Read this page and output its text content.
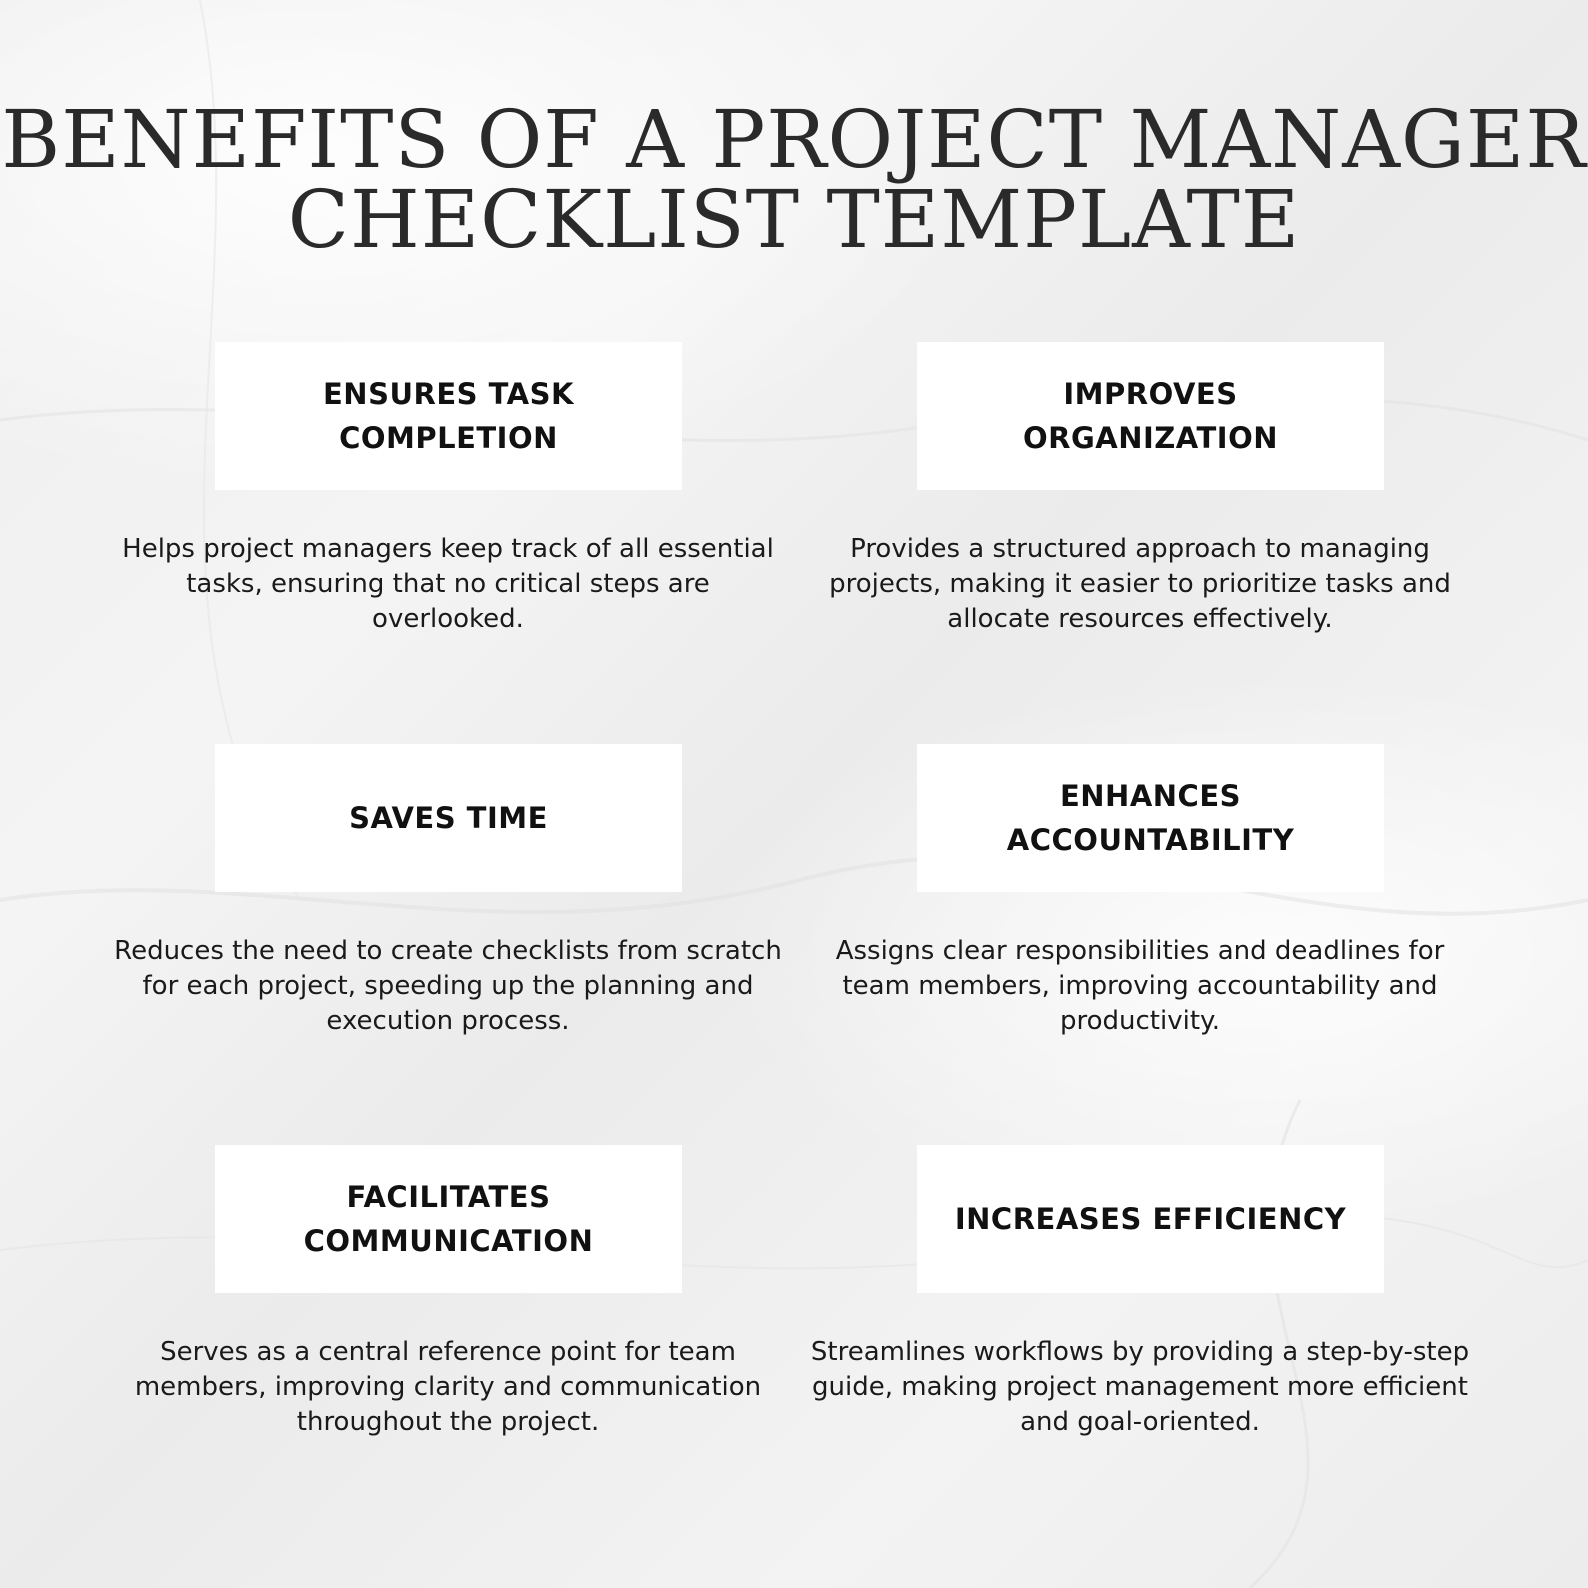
BENEFITS OF A PROJECT MANAGER
CHECKLIST TEMPLATE
ENSURES TASK
COMPLETION
Helps project managers keep track of all essential tasks, ensuring that no critical steps are overlooked.
IMPROVES
ORGANIZATION
Provides a structured approach to managing projects, making it easier to prioritize tasks and allocate resources effectively.
SAVES TIME
Reduces the need to create checklists from scratch for each project, speeding up the planning and execution process.
ENHANCES
ACCOUNTABILITY
Assigns clear responsibilities and deadlines for team members, improving accountability and productivity.
FACILITATES
COMMUNICATION
Serves as a central reference point for team members, improving clarity and communication throughout the project.
INCREASES EFFICIENCY
Streamlines workflows by providing a step-by-step guide, making project management more efficient and goal-oriented.
